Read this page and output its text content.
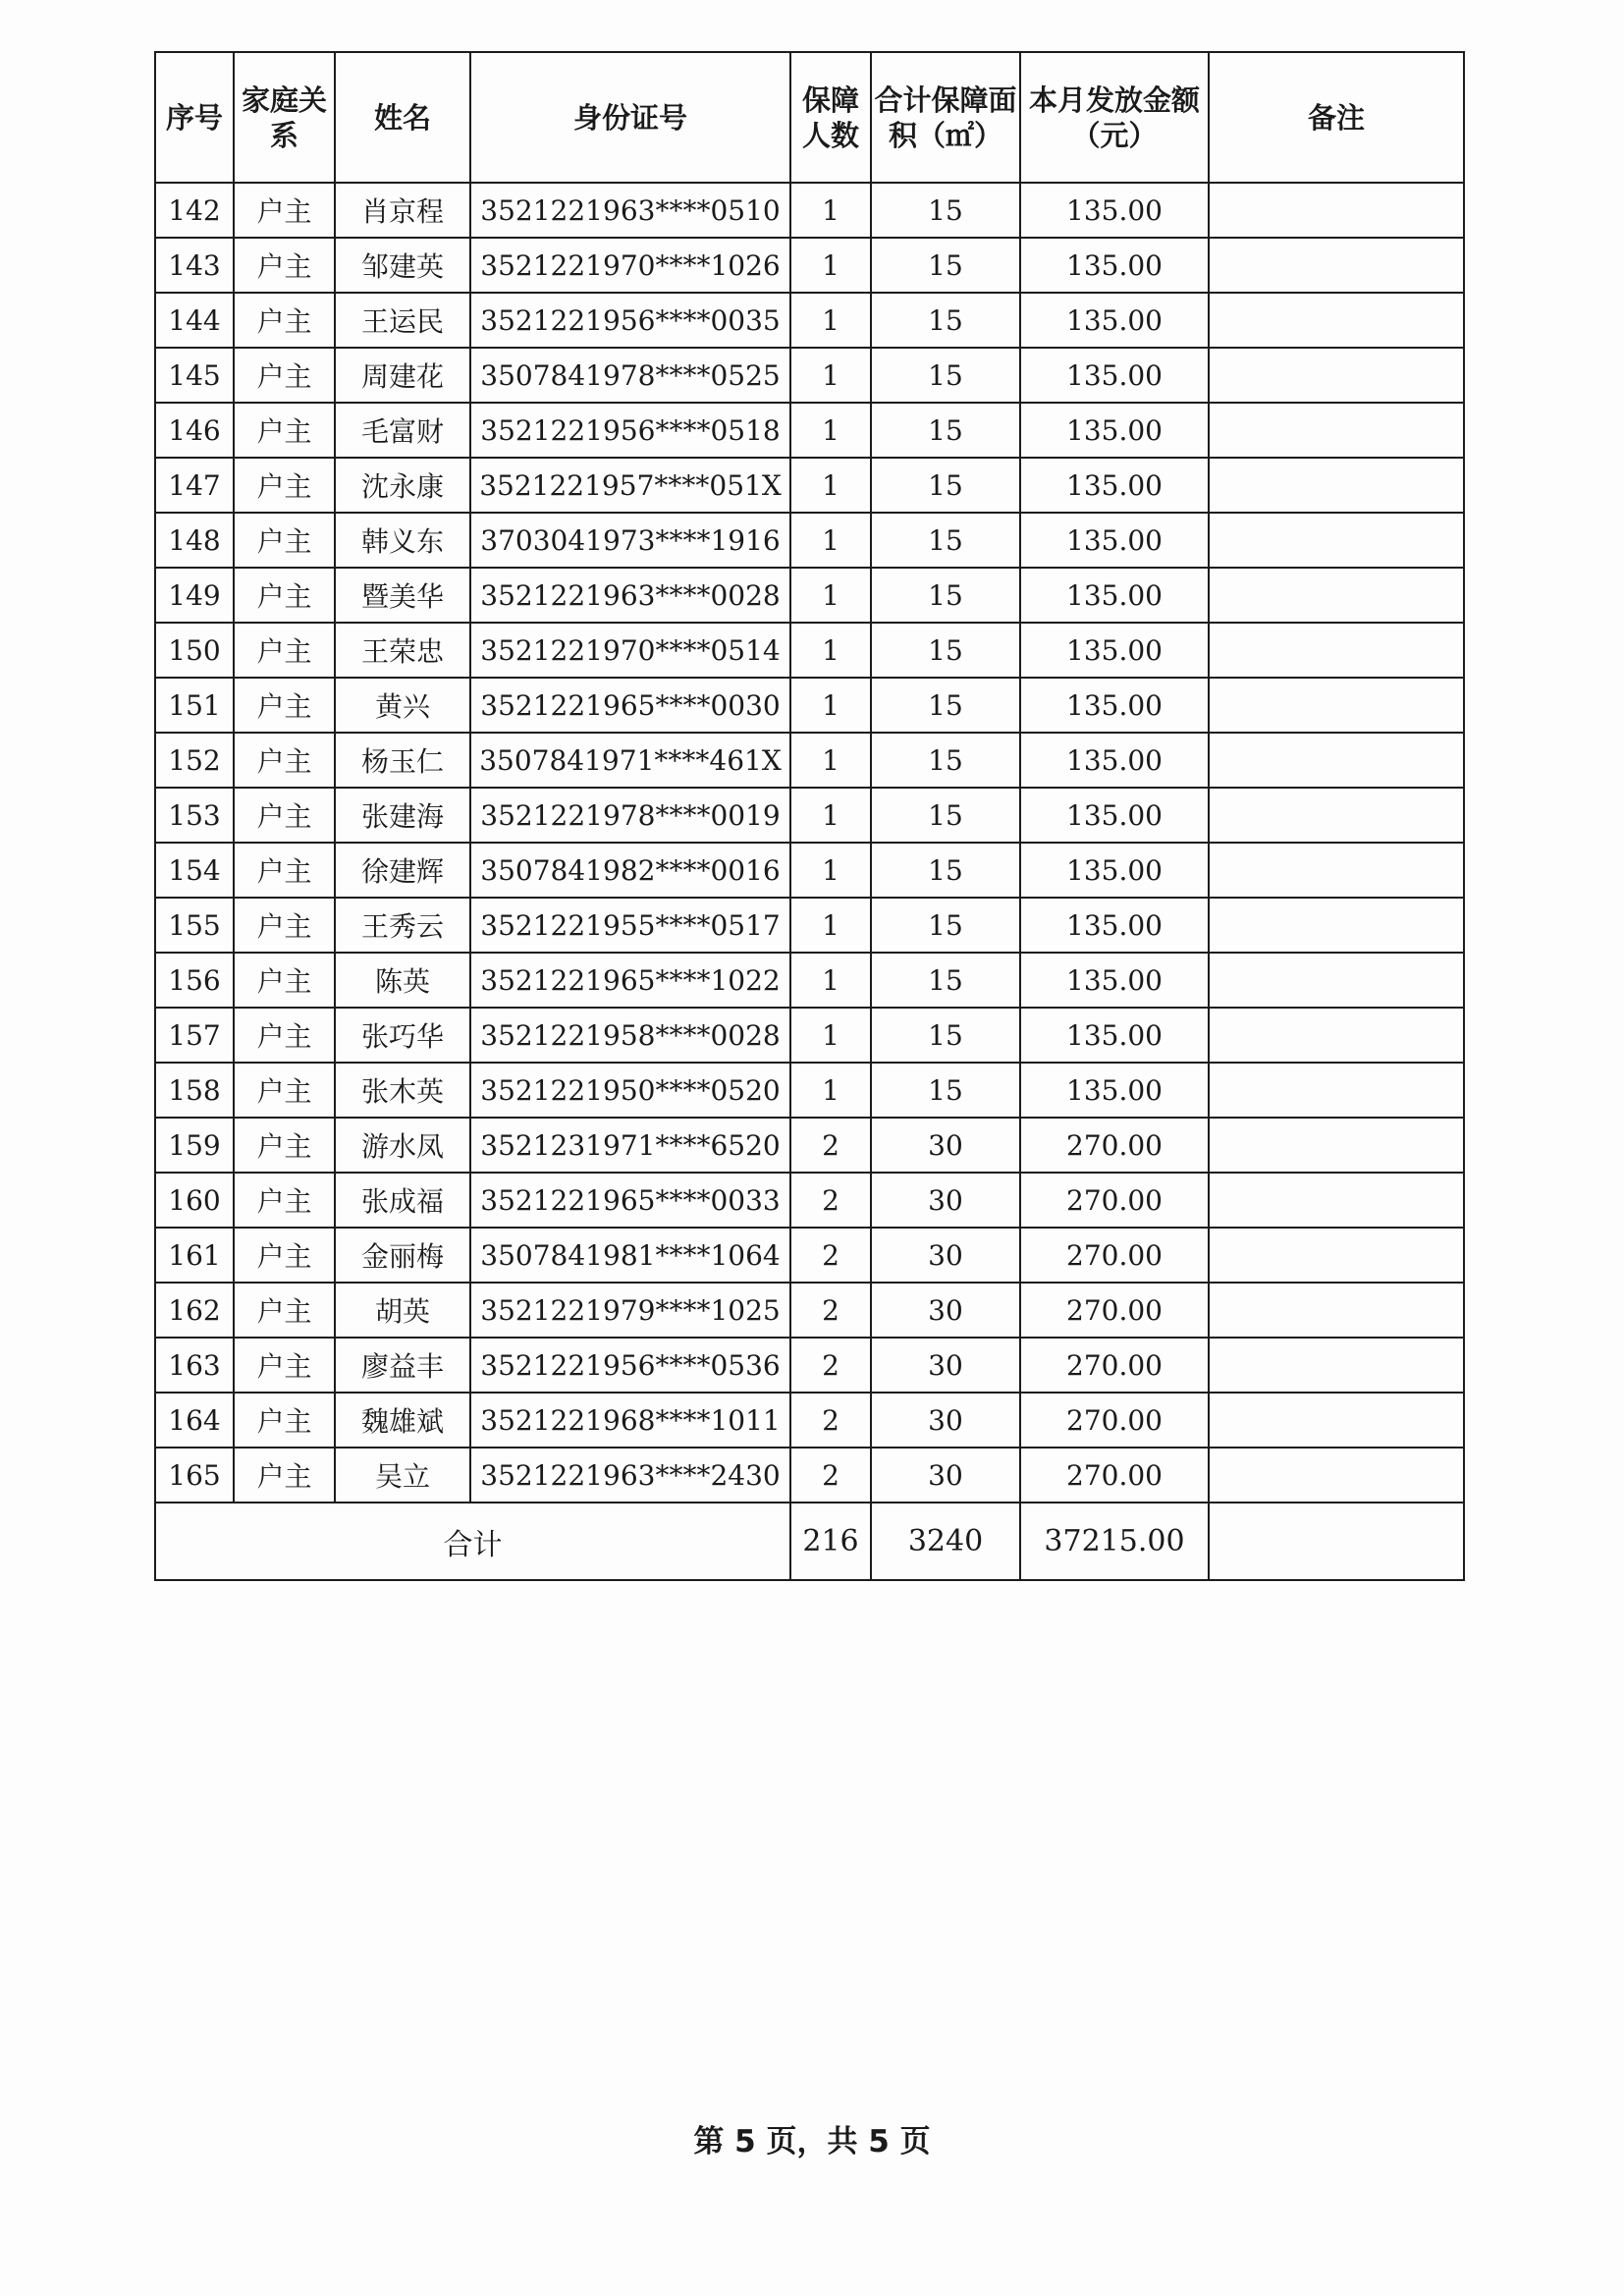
序号	家庭关系	姓名	身份证号	保障人数	合计保障面积（㎡）	本月发放金额（元）	备注
142	户主	肖京程	3521221963****0510	1	15	135.00	
143	户主	邹建英	3521221970****1026	1	15	135.00	
144	户主	王运民	3521221956****0035	1	15	135.00	
145	户主	周建花	3507841978****0525	1	15	135.00	
146	户主	毛富财	3521221956****0518	1	15	135.00	
147	户主	沈永康	3521221957****051X	1	15	135.00	
148	户主	韩义东	3703041973****1916	1	15	135.00	
149	户主	暨美华	3521221963****0028	1	15	135.00	
150	户主	王荣忠	3521221970****0514	1	15	135.00	
151	户主	黄兴	3521221965****0030	1	15	135.00	
152	户主	杨玉仁	3507841971****461X	1	15	135.00	
153	户主	张建海	3521221978****0019	1	15	135.00	
154	户主	徐建辉	3507841982****0016	1	15	135.00	
155	户主	王秀云	3521221955****0517	1	15	135.00	
156	户主	陈英	3521221965****1022	1	15	135.00	
157	户主	张巧华	3521221958****0028	1	15	135.00	
158	户主	张木英	3521221950****0520	1	15	135.00	
159	户主	游水凤	3521231971****6520	2	30	270.00	
160	户主	张成福	3521221965****0033	2	30	270.00	
161	户主	金丽梅	3507841981****1064	2	30	270.00	
162	户主	胡英	3521221979****1025	2	30	270.00	
163	户主	廖益丰	3521221956****0536	2	30	270.00	
164	户主	魏雄斌	3521221968****1011	2	30	270.00	
165	户主	吴立	3521221963****2430	2	30	270.00	
合计				216	3240	37215.00	
第 5 页，共 5 页
